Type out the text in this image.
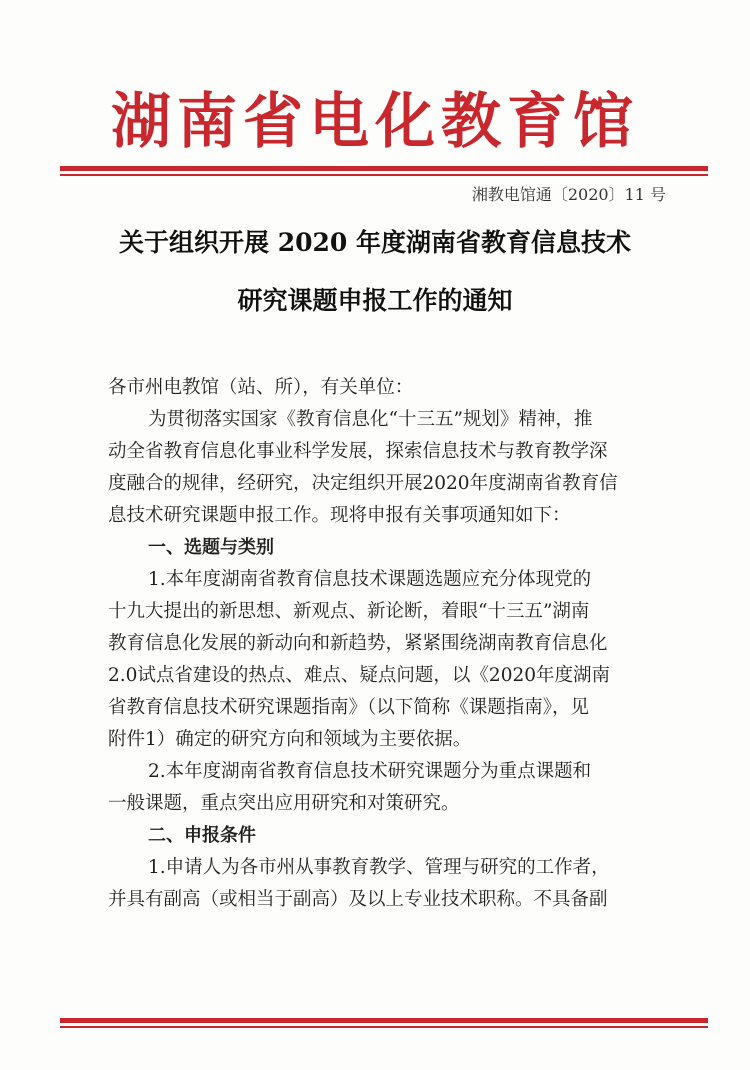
湖南省电化教育馆
湘教电馆通〔2020〕11 号
关于组织开展 2020 年度湖南省教育信息技术
研究课题申报工作的通知
各市州电教馆（站、所），有关单位：
为贯彻落实国家《教育信息化“十三五”规划》精神，推
动全省教育信息化事业科学发展，探索信息技术与教育教学深
度融合的规律，经研究，决定组织开展2020年度湖南省教育信
息技术研究课题申报工作。现将申报有关事项通知如下：
一、选题与类别
1.本年度湖南省教育信息技术课题选题应充分体现党的
十九大提出的新思想、新观点、新论断，着眼“十三五”湖南
教育信息化发展的新动向和新趋势，紧紧围绕湖南教育信息化
2.0试点省建设的热点、难点、疑点问题，以《2020年度湖南
省教育信息技术研究课题指南》（以下简称《课题指南》，见
附件1）确定的研究方向和领域为主要依据。
2.本年度湖南省教育信息技术研究课题分为重点课题和
一般课题，重点突出应用研究和对策研究。
二、申报条件
1.申请人为各市州从事教育教学、管理与研究的工作者，
并具有副高（或相当于副高）及以上专业技术职称。不具备副
